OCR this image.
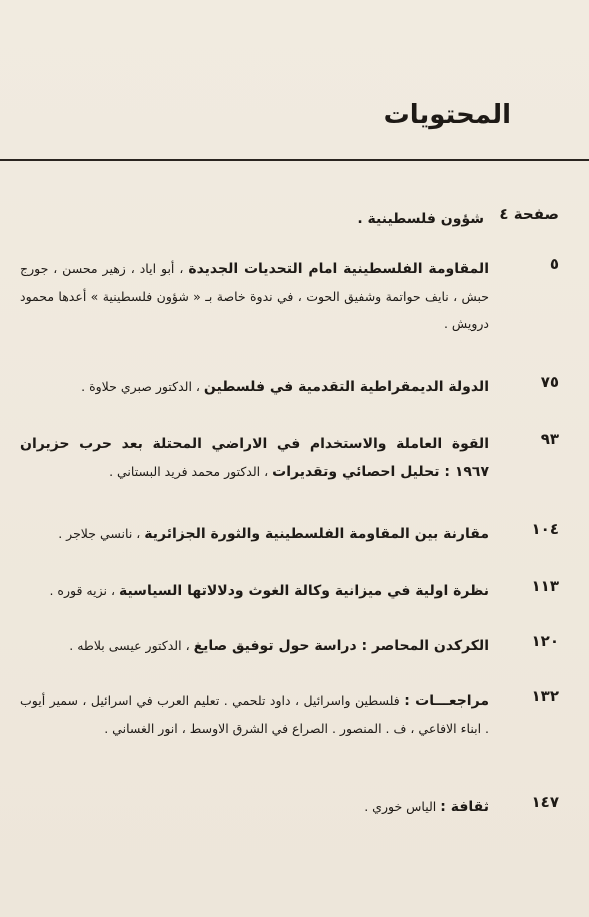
المحتويات
صفحة ٤
شؤون فلسطينية .
٥
المقاومة الفلسطينية امام التحديات الجديدة ، أبو اياد ، زهير محسن ، جورج حبش ، نايف حواتمة وشفيق الحوت ، في ندوة خاصة بـ « شؤون فلسطينية » أعدها محمود درويش .
٧٥
الدولة الديمقراطية التقدمية في فلسطين ، الدكتور صبري حلاوة .
٩٣
القوة العاملة والاستخدام في الاراضي المحتلة بعد حرب حزيران ١٩٦٧ : تحليل احصائي وتقديرات ، الدكتور محمد فريد البستاني .
١٠٤
مقارنة بين المقاومة الفلسطينية والثورة الجزائرية ، نانسي جلاجر .
١١٣
نظرة اولية في ميزانية وكالة الغوث ودلالاتها السياسية ، نزيه قوره .
١٢٠
الكركدن المحاصر : دراسة حول توفيق صايغ ، الدكتور عيسى بلاطه .
١٣٢
مراجعـــات : فلسطين واسرائيل ، داود تلحمي . تعليم العرب في اسرائيل ، سمير أيوب . ابناء الافاعي ، ف . المنصور . الصراع في الشرق الاوسط ، انور الغساني .
١٤٧
ثقافة : الياس خوري .
